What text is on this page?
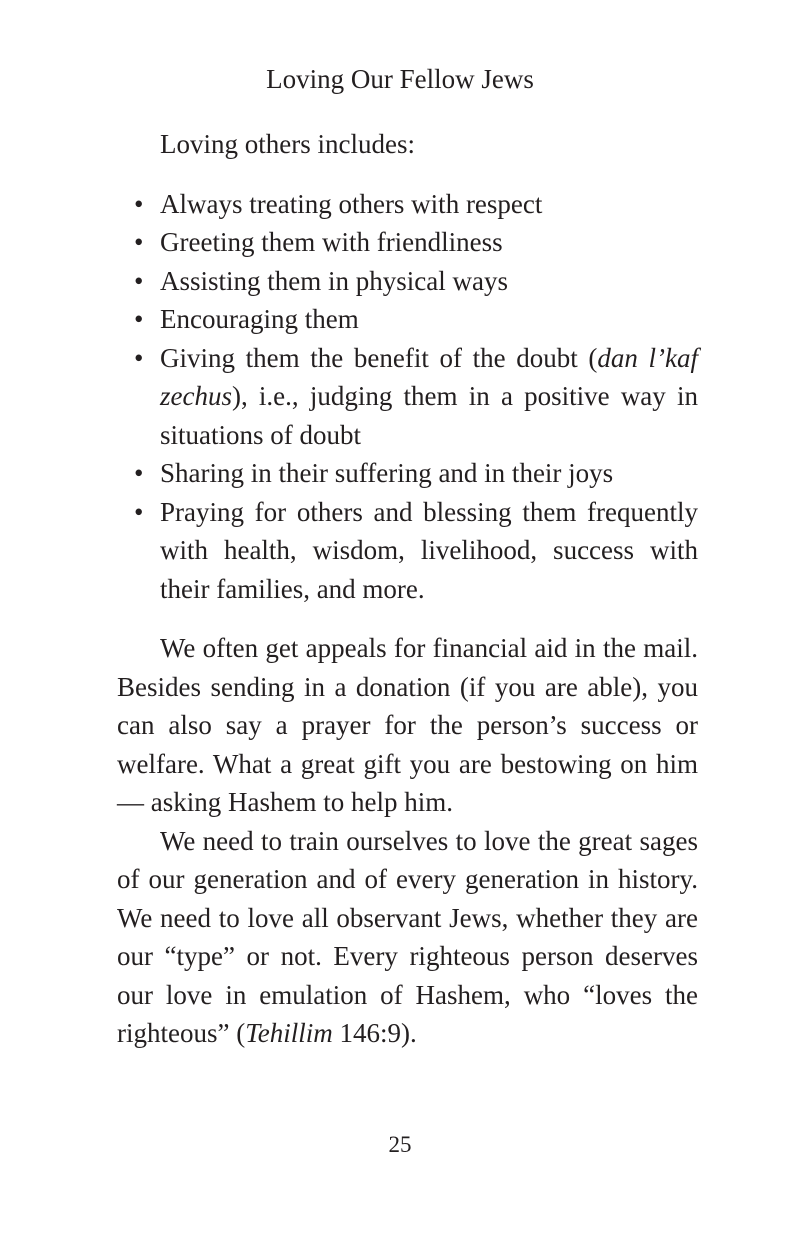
Loving Our Fellow Jews

Loving others includes:

• Always treating others with respect
• Greeting them with friendliness
• Assisting them in physical ways
• Encouraging them
• Giving them the benefit of the doubt (dan l’kaf zechus), i.e., judging them in a positive way in situations of doubt
• Sharing in their suffering and in their joys
• Praying for others and blessing them frequently with health, wisdom, livelihood, success with their families, and more.

We often get appeals for financial aid in the mail. Besides sending in a donation (if you are able), you can also say a prayer for the person’s success or welfare. What a great gift you are bestowing on him — asking Hashem to help him.

We need to train ourselves to love the great sages of our generation and of every generation in history. We need to love all observant Jews, whether they are our “type” or not. Every righteous person deserves our love in emulation of Hashem, who “loves the righteous” (Tehillim 146:9).

25
